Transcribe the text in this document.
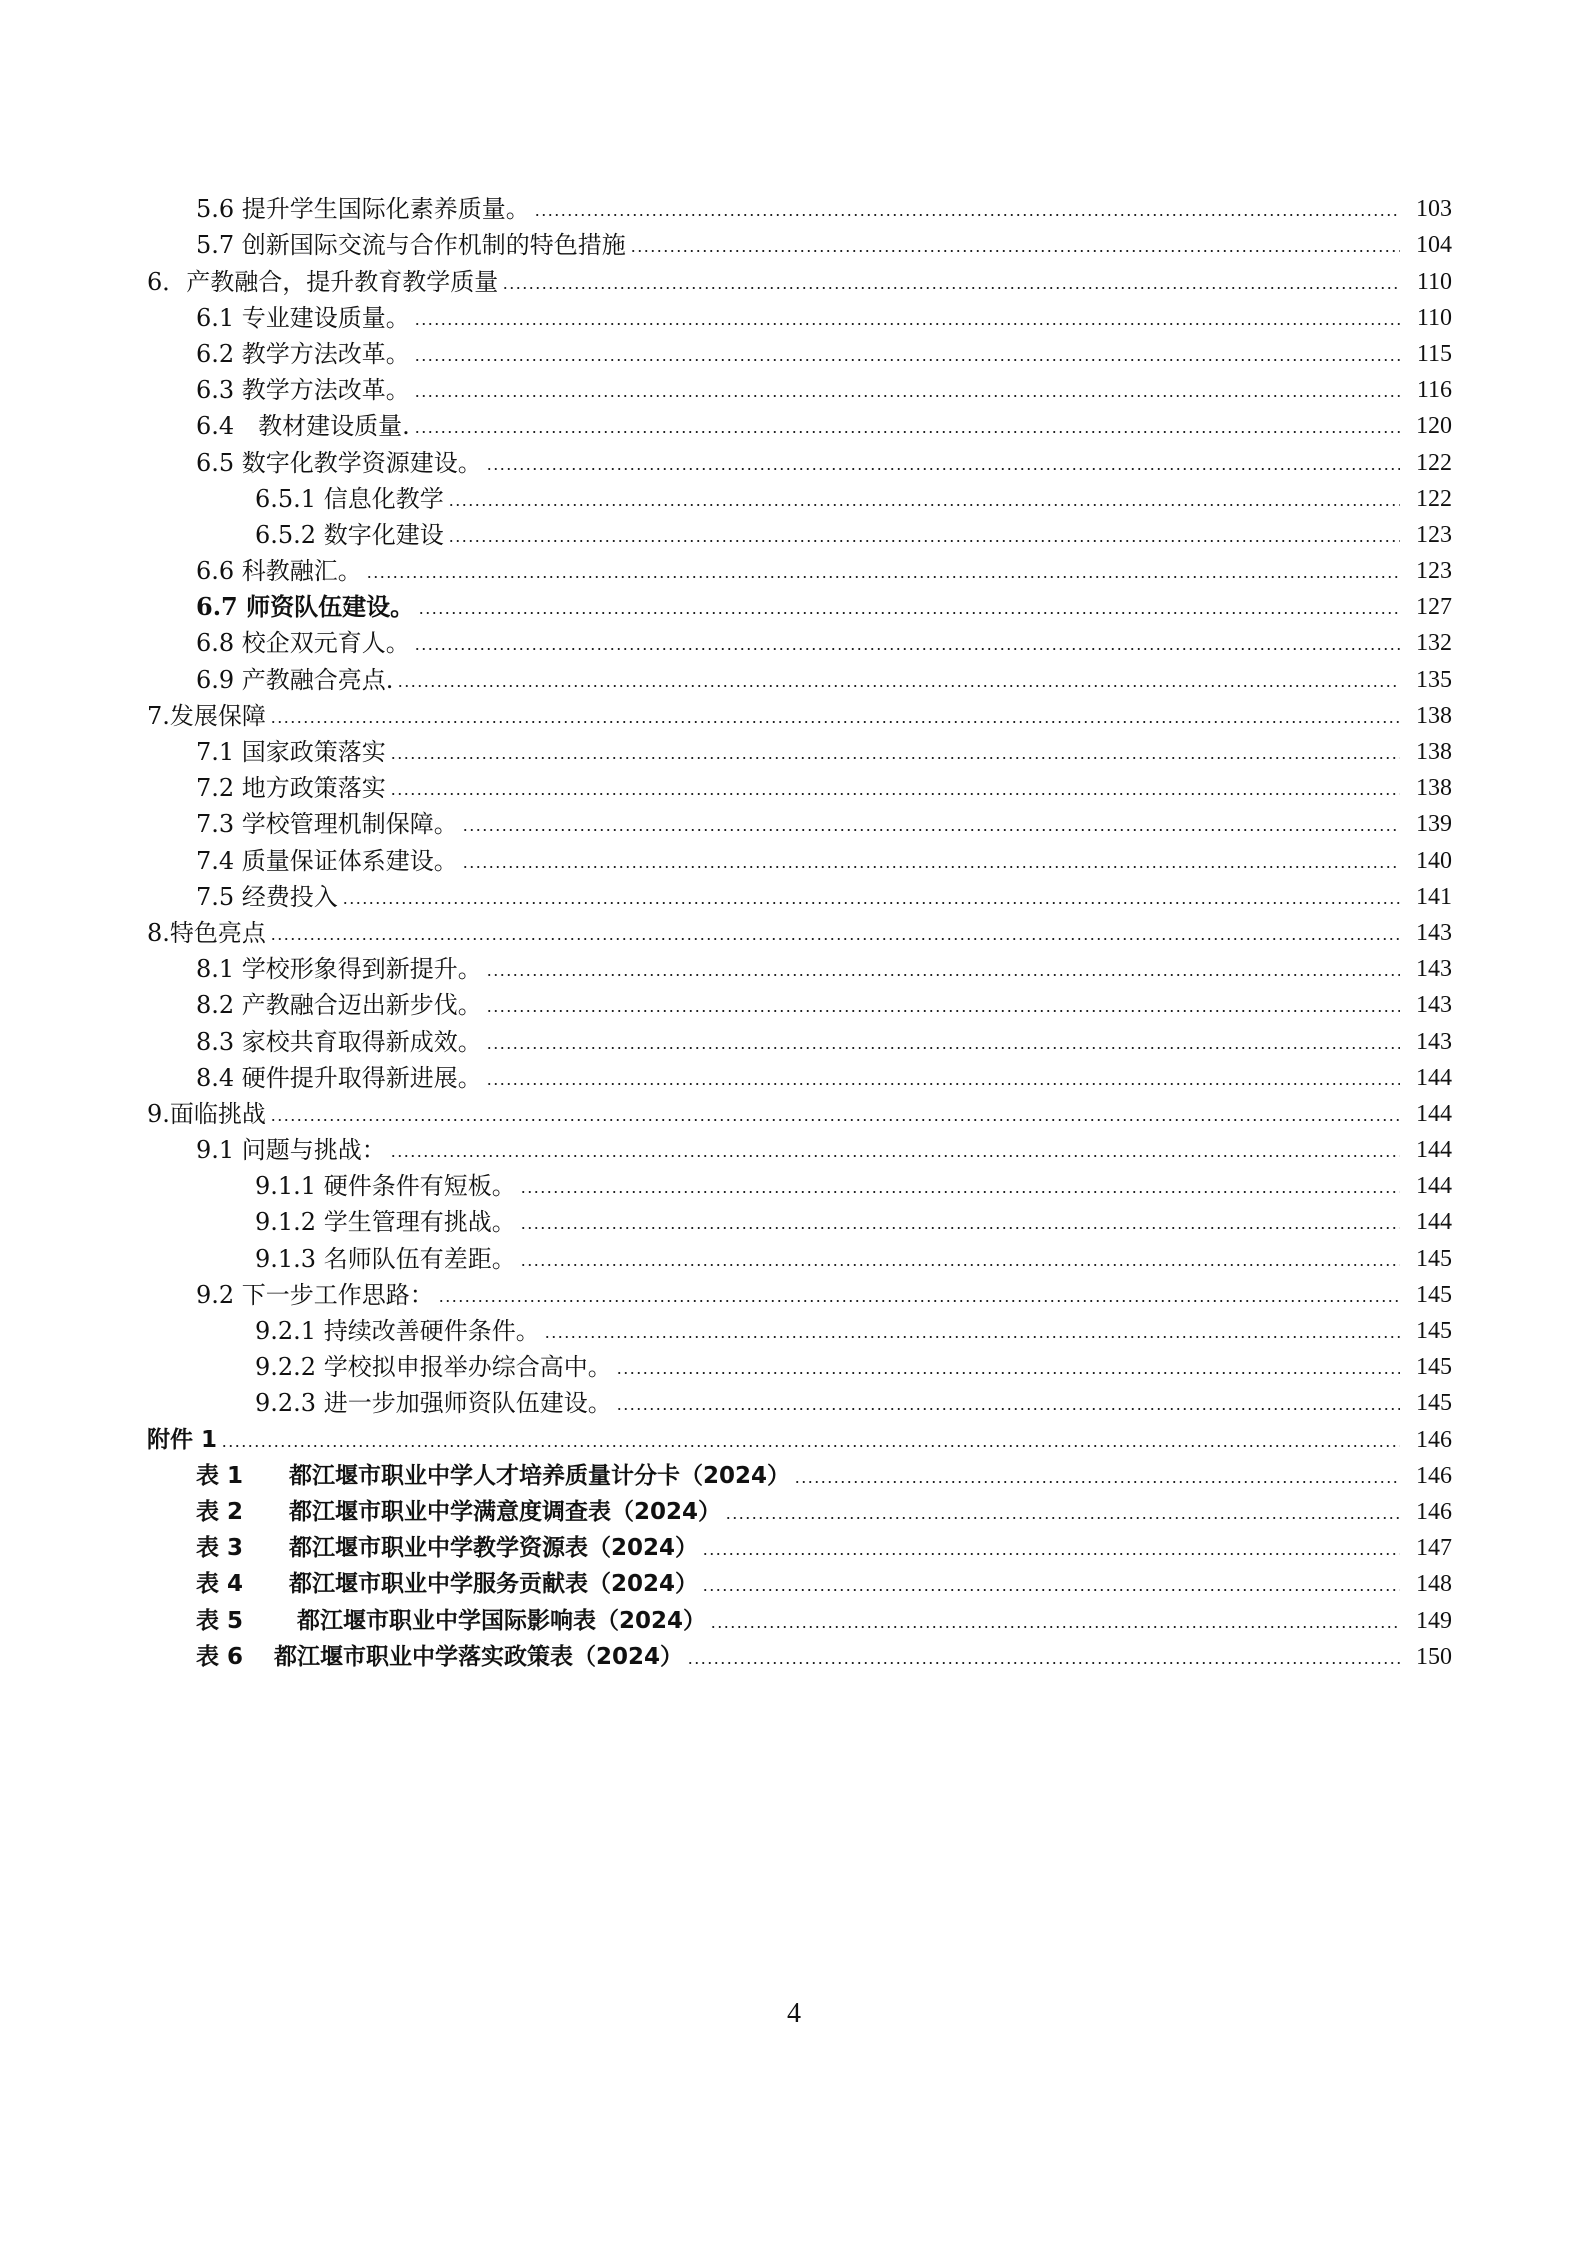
5.6 提升学生国际化素养质量。	103
5.7 创新国际交流与合作机制的特色措施	104
6．产教融合，提升教育教学质量	110
6.1 专业建设质量。	110
6.2 教学方法改革。	115
6.3 教学方法改革。	116
6.4　教材建设质量.	120
6.5 数字化教学资源建设。	122
6.5.1 信息化教学	122
6.5.2 数字化建设	123
6.6 科教融汇。	123
6.7 师资队伍建设。	127
6.8 校企双元育人。	132
6.9 产教融合亮点.	135
7.发展保障	138
7.1 国家政策落实	138
7.2 地方政策落实	138
7.3 学校管理机制保障。	139
7.4 质量保证体系建设。	140
7.5 经费投入	141
8.特色亮点	143
8.1 学校形象得到新提升。	143
8.2 产教融合迈出新步伐。	143
8.3 家校共育取得新成效。	143
8.4 硬件提升取得新进展。	144
9.面临挑战	144
9.1 问题与挑战：	144
9.1.1 硬件条件有短板。	144
9.1.2 学生管理有挑战。	144
9.1.3 名师队伍有差距。	145
9.2 下一步工作思路：	145
9.2.1 持续改善硬件条件。	145
9.2.2 学校拟申报举办综合高中。	145
9.2.3 进一步加强师资队伍建设。	145
附件 1	146
表 1　　都江堰市职业中学人才培养质量计分卡（2024）	146
表 2　　都江堰市职业中学满意度调查表（2024）	146
表 3　　都江堰市职业中学教学资源表（2024）	147
表 4　　都江堰市职业中学服务贡献表（2024）	148
表 5　　 都江堰市职业中学国际影响表（2024）	149
表 6　 都江堰市职业中学落实政策表（2024）	150
4
